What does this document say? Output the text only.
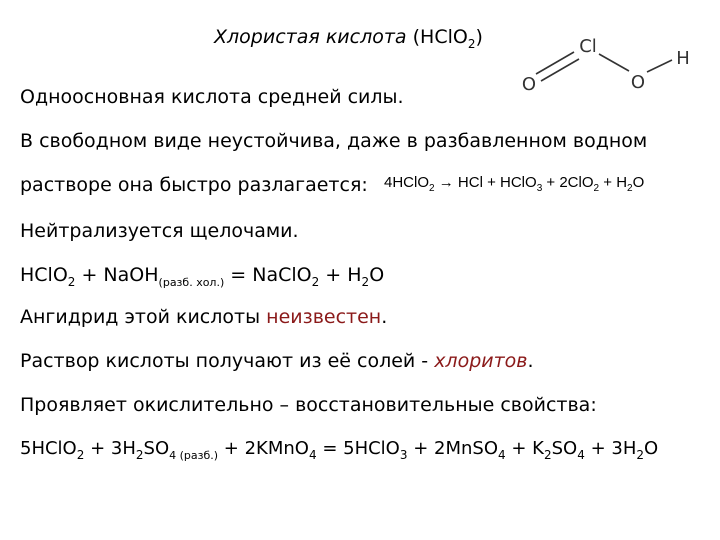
Хлористая кислота (HClO$_2$)	Cl
O	O
H
Одноосновная кислота средней силы.
В свободном виде неустойчива, даже в разбавленном водном
растворе она быстро разлагается: 4HClO$_2$ → HCl + HClO$_3$ + $2ClO_2 + H_2O$
Нейтрализуется щелочами.
HClO$_2$ + NaOH$_{(разб. хол.)}$ = NaClO$_2$ + $H_2O$
Ангидрид этой кислоты неизвестен.
Раствор кислоты получают из её солей - хлоритов.
Проявляет окислительно – восстановительные свойства:
5HClO$_2$ + $3H_2SO_{4 (разб.)}$ + 2KMnO$_4$ = 5HClO$_3$ + 2MnSO$_4$ + $K_2SO_4 + 3H_2O$
